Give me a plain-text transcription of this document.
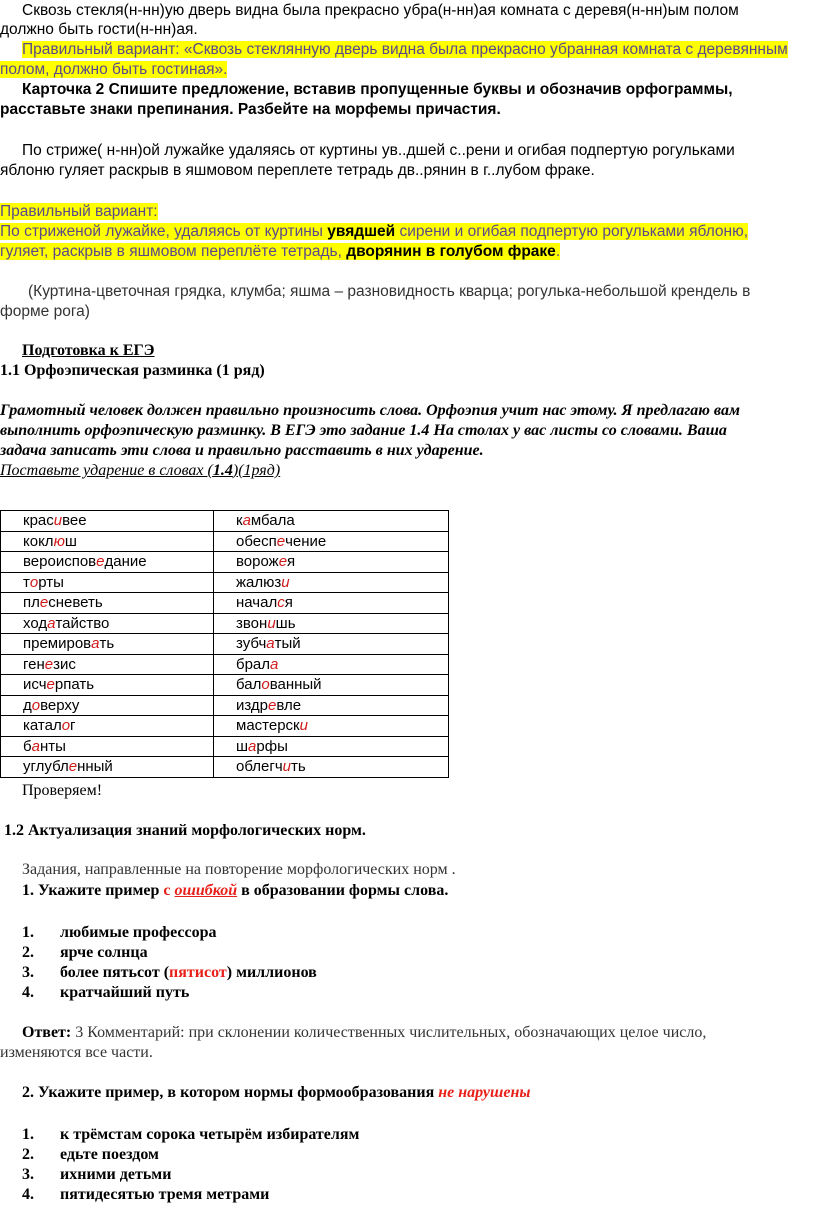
Сквозь стекля(н-нн)ую дверь видна была прекрасно убра(н-нн)ая комната с деревя(н-нн)ым полом
должно быть гости(н-нн)ая.
Правильный вариант: «Сквозь стеклянную дверь видна была прекрасно убранная комната с деревянным
полом, должно быть гостиная».
Карточка 2 Спишите предложение, вставив пропущенные буквы и обозначив орфограммы,
расставьте знаки препинания. Разбейте на морфемы причастия.
По стриже( н-нн)ой лужайке удаляясь от куртины ув..дшей с..рени и огибая подпертую рогульками
яблоню гуляет раскрыв в яшмовом переплете тетрадь дв..рянин в г..лубом фраке.
Правильный вариант:
По стриженой лужайке, удаляясь от куртины увядшей сирени и огибая подпертую рогульками яблоню,
гуляет, раскрыв в яшмовом переплёте тетрадь, дворянин в голубом фраке.
(Куртина-цветочная грядка, клумба; яшма – разновидность кварца; рогулька-небольшой крендель в
форме рога)
Подготовка к ЕГЭ
1.1 Орфоэпическая разминка (1 ряд)
Грамотный человек должен правильно произносить слова. Орфоэпия учит нас этому. Я предлагаю вам
выполнить орфоэпическую разминку. В ЕГЭ это задание 1.4 На столах у вас листы со словами. Ваша
задача записать эти слова и правильно расставить в них ударение.
Поставьте ударение в словах (1.4)(1ряд)
красивее	камбала
коклюш	обеспечение
вероисповедание	ворожея
торты	жалюзи
плесневеть	начался
ходатайство	звонишь
премировать	зубчатый
генезис	брала
исчерпать	балованный
доверху	издревле
каталог	мастерски
банты	шарфы
углубленный	облегчить
Проверяем!
1.2 Актуализация знаний морфологических норм.
Задания, направленные на повторение морфологических норм .
1. Укажите пример с ошибкой в образовании формы слова.
1. любимые профессора
2. ярче солнца
3. более пятьсот (пятисот) миллионов
4. кратчайший путь
Ответ: 3 Комментарий: при склонении количественных числительных, обозначающих целое число,
изменяются все части.
2. Укажите пример, в котором нормы формообразования не нарушены
1. к трёмстам сорока четырём избирателям
2. едьте поездом
3. ихними детьми
4. пятидесятью тремя метрами
